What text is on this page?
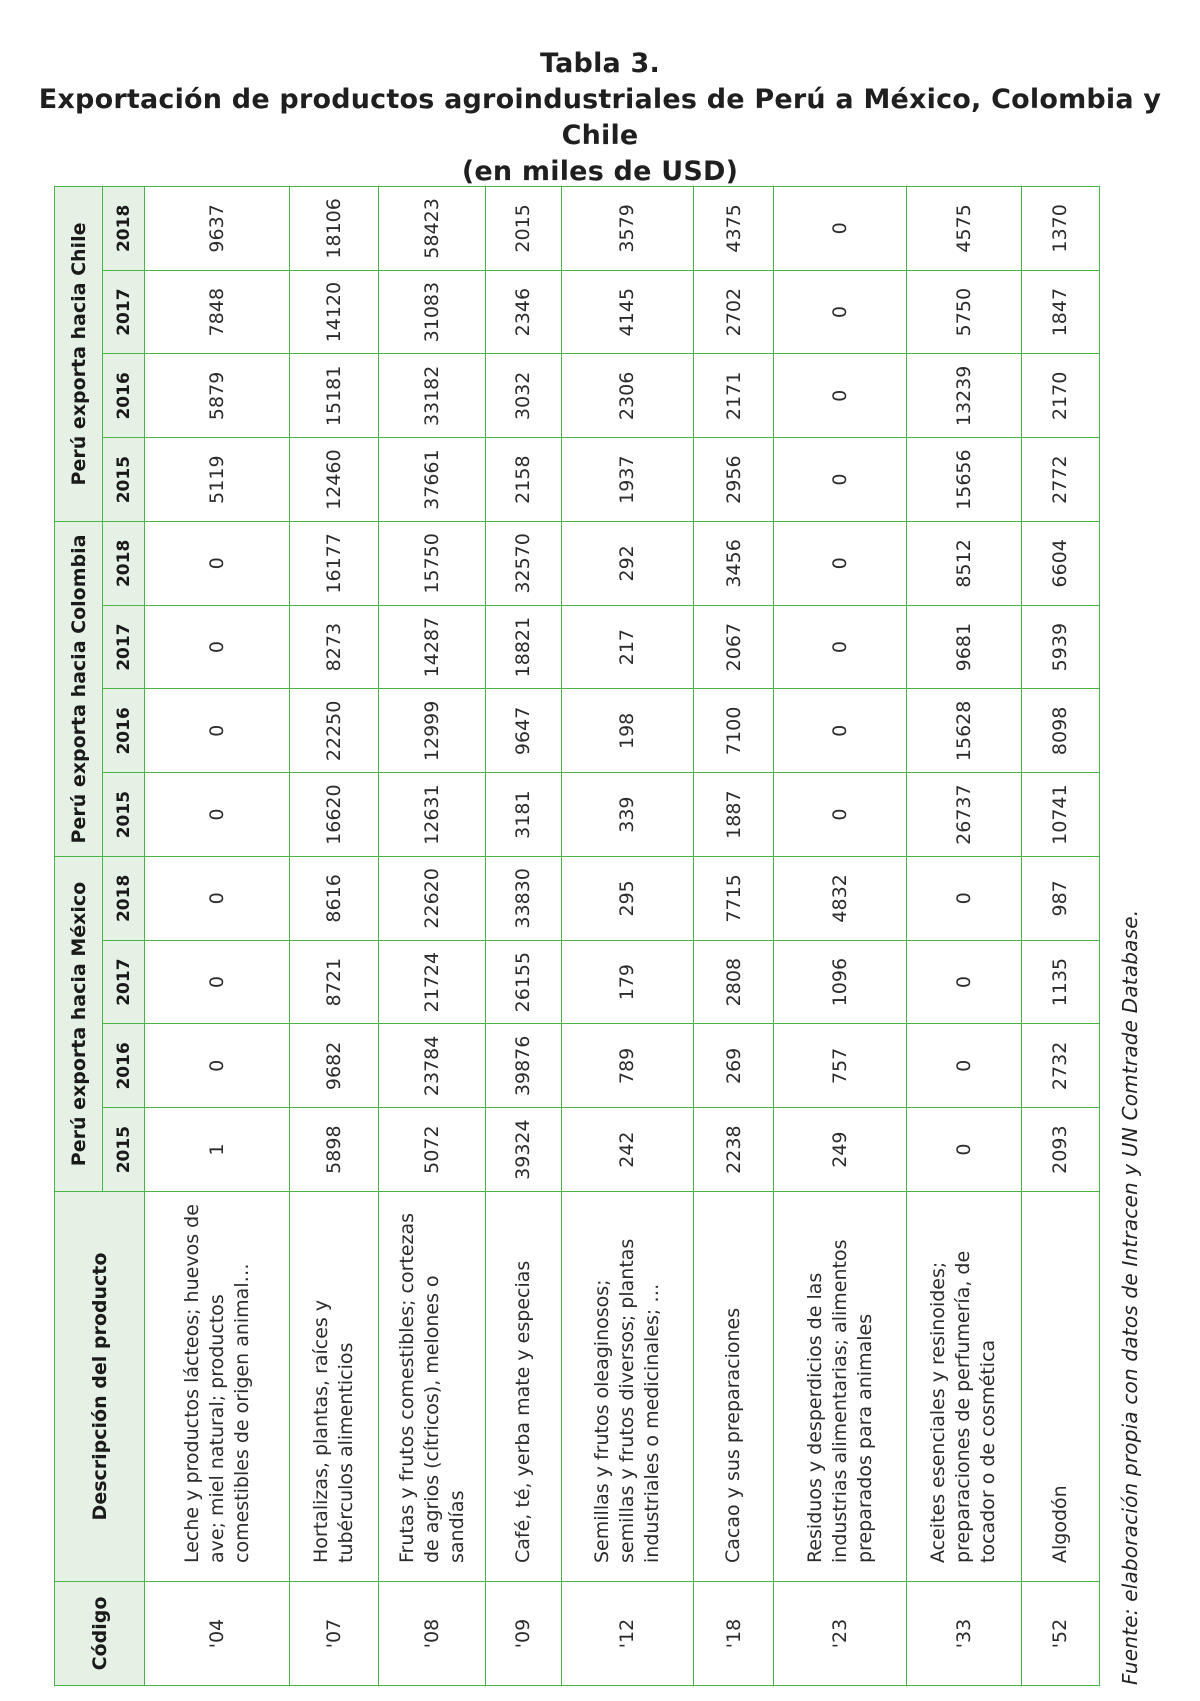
Tabla 3.
Exportación de productos agroindustriales de Perú a México, Colombia y Chile
(en miles de USD)
Código	Descripción del producto	Perú exporta hacia México				Perú exporta hacia Colombia				Perú exporta hacia Chile			
		2015	2016	2017	2018	2015	2016	2017	2018	2015	2016	2017	2018
'04	Leche y productos lácteos; huevos de ave; miel natural; productos comestibles de origen animal…	1	0	0	0	0	0	0	0	5119	5879	7848	9637
'07	Hortalizas, plantas, raíces y tubérculos alimenticios	5898	9682	8721	8616	16620	22250	8273	16177	12460	15181	14120	18106
'08	Frutas y frutos comestibles; cortezas de agrios (cítricos), melones o sandías	5072	23784	21724	22620	12631	12999	14287	15750	37661	33182	31083	58423
'09	Café, té, yerba mate y especias	39324	39876	26155	33830	3181	9647	18821	32570	2158	3032	2346	2015
'12	Semillas y frutos oleaginosos; semillas y frutos diversos; plantas industriales o medicinales; …	242	789	179	295	339	198	217	292	1937	2306	4145	3579
'18	Cacao y sus preparaciones	2238	269	2808	7715	1887	7100	2067	3456	2956	2171	2702	4375
'23	Residuos y desperdicios de las industrias alimentarias; alimentos preparados para animales	249	757	1096	4832	0	0	0	0	0	0	0	0
'33	Aceites esenciales y resinoides; preparaciones de perfumería, de tocador o de cosmética	0	0	0	0	26737	15628	9681	8512	15656	13239	5750	4575
'52	Algodón	2093	2732	1135	987	10741	8098	5939	6604	2772	2170	1847	1370
Fuente: elaboración propia con datos de Intracen y UN Comtrade Database.
